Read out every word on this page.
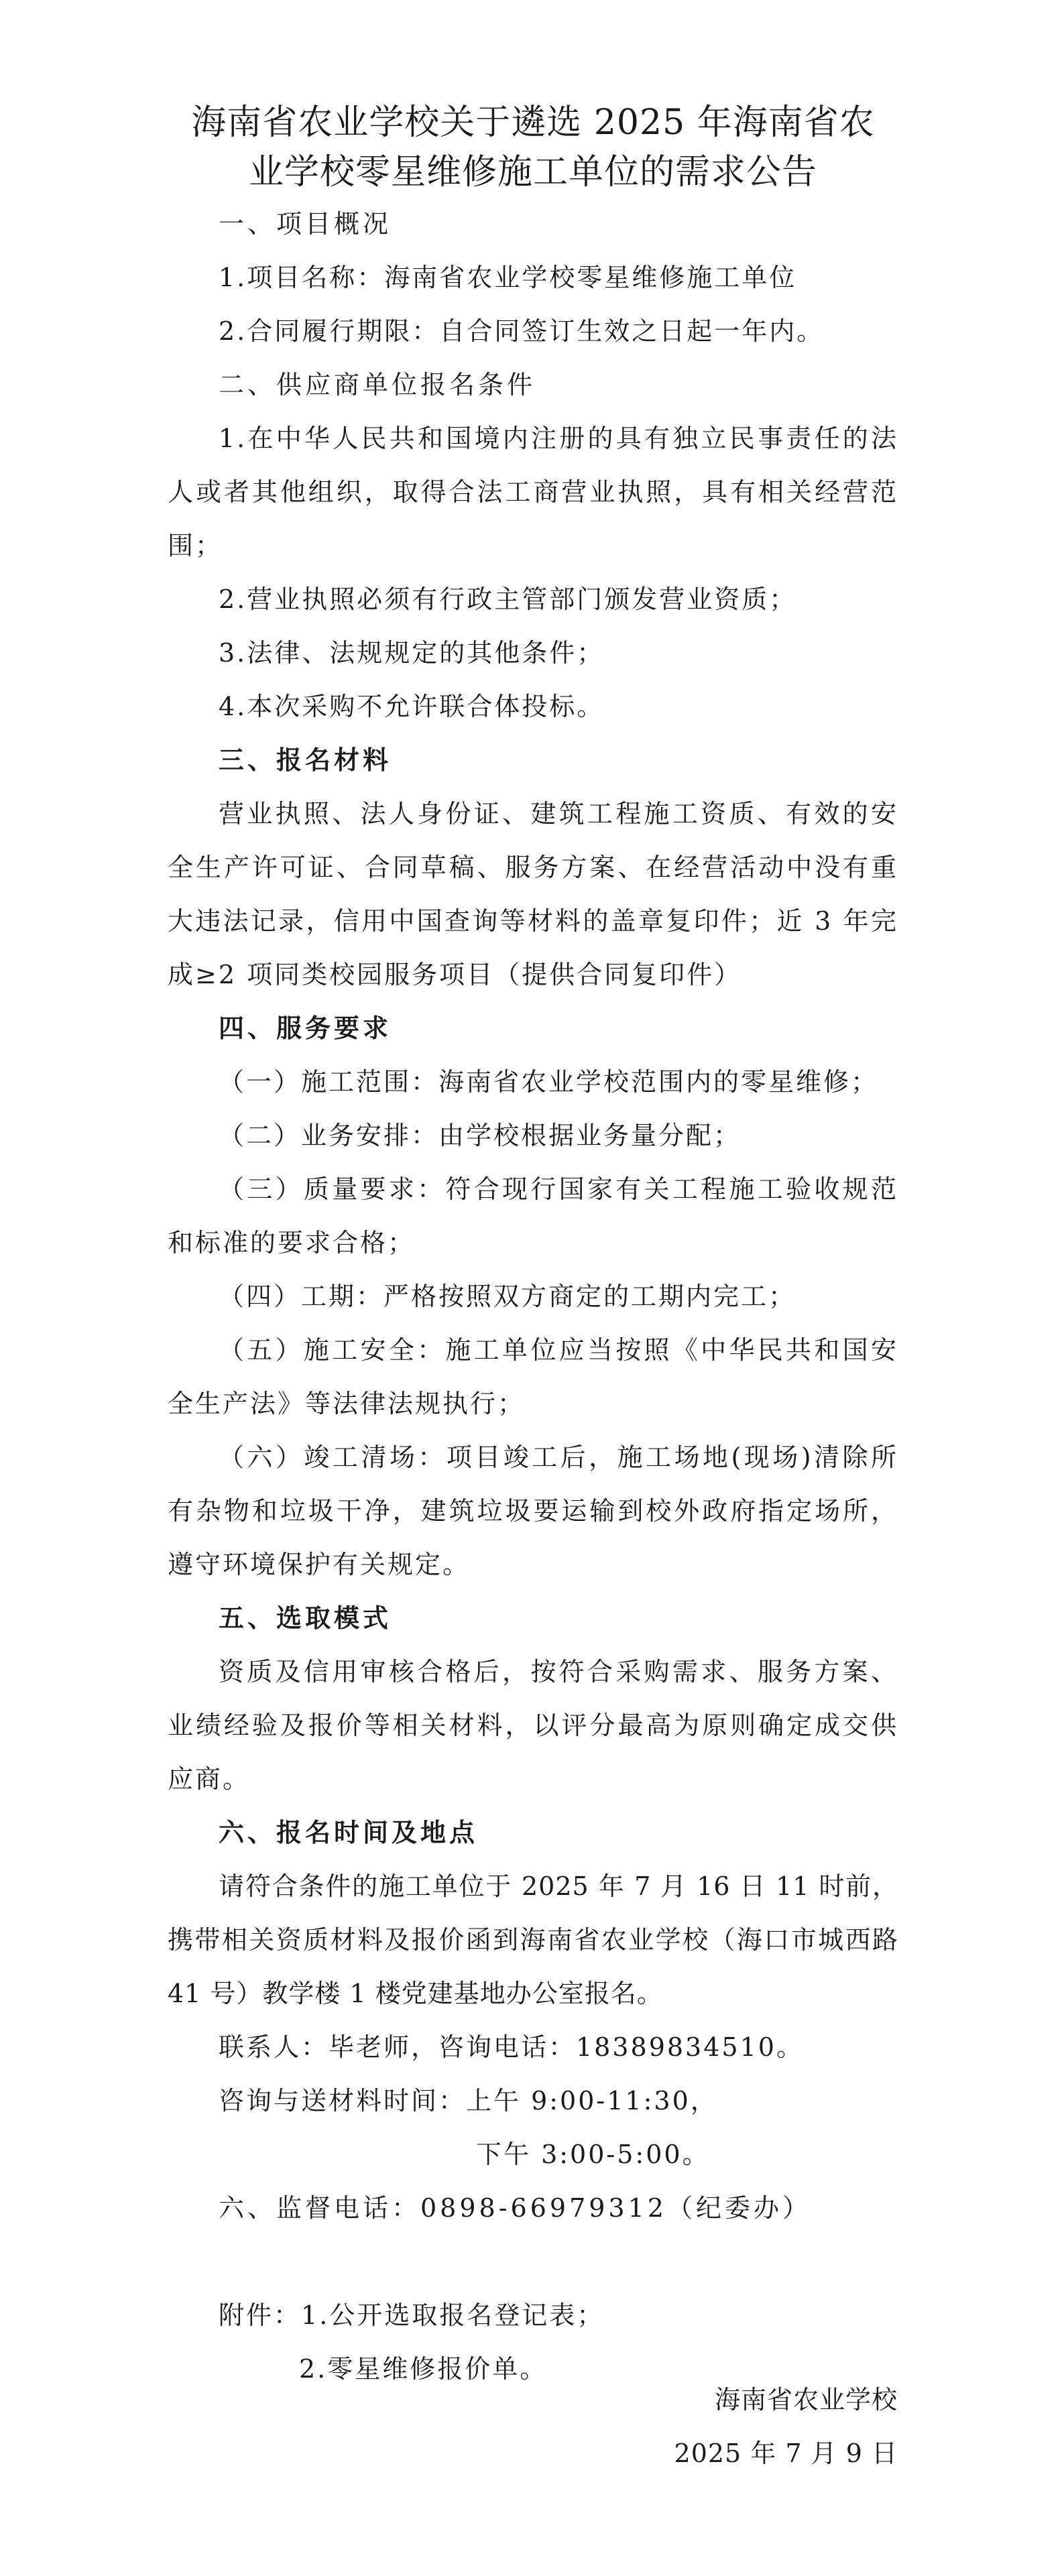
海南省农业学校关于遴选 2025 年海南省农
业学校零星维修施工单位的需求公告

一、项目概况

1.项目名称：海南省农业学校零星维修施工单位

2.合同履行期限：自合同签订生效之日起一年内。

二、供应商单位报名条件

1.在中华人民共和国境内注册的具有独立民事责任的法人或者其他组织，取得合法工商营业执照，具有相关经营范围；

2.营业执照必须有行政主管部门颁发营业资质；

3.法律、法规规定的其他条件；

4.本次采购不允许联合体投标。

三、报名材料

营业执照、法人身份证、建筑工程施工资质、有效的安全生产许可证、合同草稿、服务方案、在经营活动中没有重大违法记录，信用中国查询等材料的盖章复印件；近 3 年完成≥2 项同类校园服务项目（提供合同复印件）

四、服务要求

（一）施工范围：海南省农业学校范围内的零星维修；

（二）业务安排：由学校根据业务量分配；

（三）质量要求：符合现行国家有关工程施工验收规范和标准的要求合格；

（四）工期：严格按照双方商定的工期内完工；

（五）施工安全：施工单位应当按照《中华民共和国安全生产法》等法律法规执行；

（六）竣工清场：项目竣工后，施工场地(现场)清除所有杂物和垃圾干净，建筑垃圾要运输到校外政府指定场所，遵守环境保护有关规定。

五、选取模式

资质及信用审核合格后，按符合采购需求、服务方案、业绩经验及报价等相关材料，以评分最高为原则确定成交供应商。

六、报名时间及地点

请符合条件的施工单位于 2025 年 7 月 16 日 11 时前，携带相关资质材料及报价函到海南省农业学校（海口市城西路 41 号）教学楼 1 楼党建基地办公室报名。

联系人：毕老师，咨询电话：18389834510。

咨询与送材料时间：上午 9:00-11:30，

下午 3:00-5:00。

六、监督电话：0898-66979312（纪委办）

附件：1.公开选取报名登记表；

2.零星维修报价单。

海南省农业学校
2025 年 7 月 9 日
